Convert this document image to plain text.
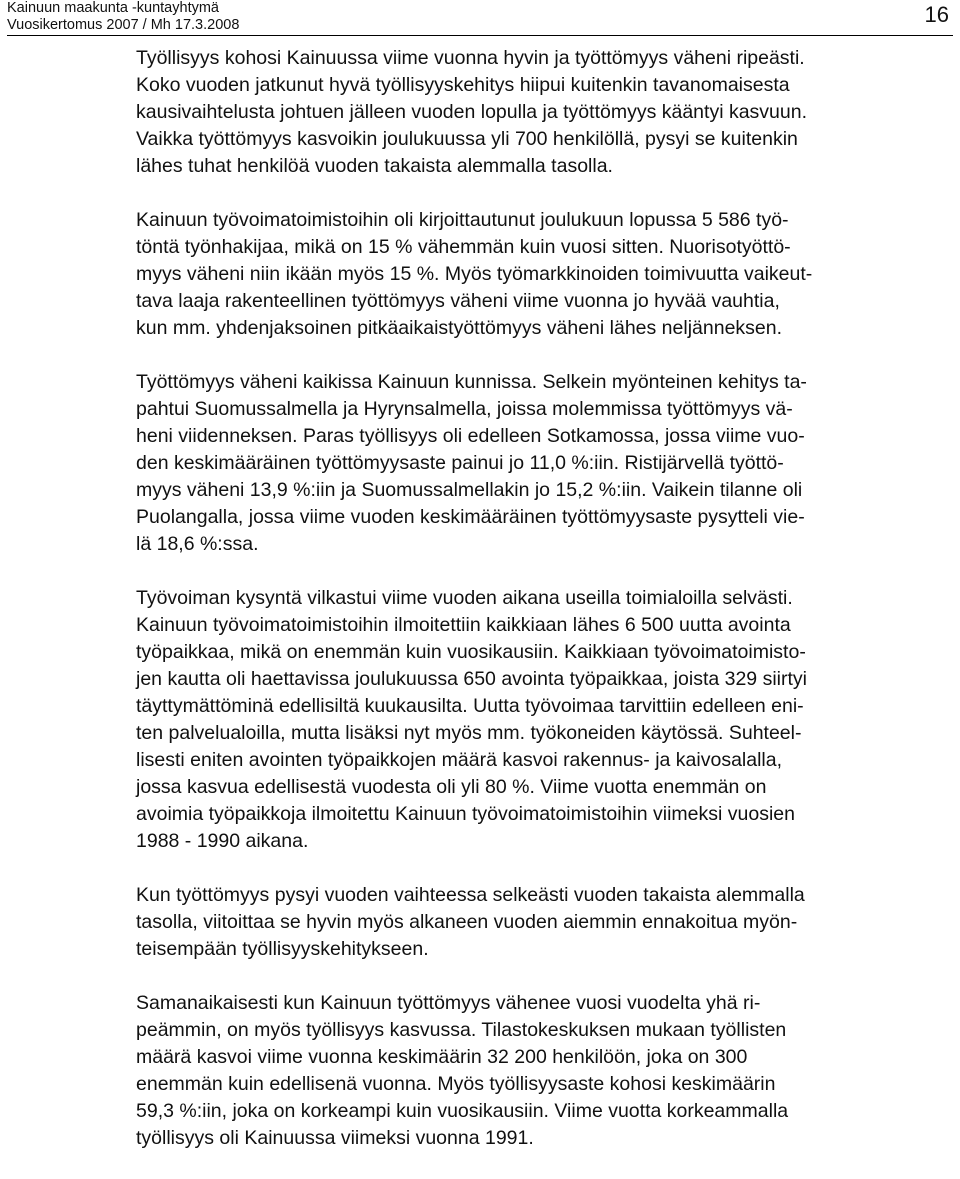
Kainuun maakunta -kuntayhtymä
Vuosikertomus 2007 / Mh 17.3.2008	16

Työllisyys kohosi Kainuussa viime vuonna hyvin ja työttömyys väheni ripeästi.
Koko vuoden jatkunut hyvä työllisyyskehitys hiipui kuitenkin tavanomaisesta
kausivaihtelusta johtuen jälleen vuoden lopulla ja työttömyys kääntyi kasvuun.
Vaikka työttömyys kasvoikin joulukuussa yli 700 henkilöllä, pysyi se kuitenkin
lähes tuhat henkilöä vuoden takaista alemmalla tasolla.

Kainuun työvoimatoimistoihin oli kirjoittautunut joulukuun lopussa 5 586 työ-
töntä työnhakijaa, mikä on 15 % vähemmän kuin vuosi sitten. Nuorisotyöttö-
myys väheni niin ikään myös 15 %. Myös työmarkkinoiden toimivuutta vaikeut-
tava laaja rakenteellinen työttömyys väheni viime vuonna jo hyvää vauhtia,
kun mm. yhdenjaksoinen pitkäaikaistyöttömyys väheni lähes neljänneksen.

Työttömyys väheni kaikissa Kainuun kunnissa. Selkein myönteinen kehitys ta-
pahtui Suomussalmella ja Hyrynsalmella, joissa molemmissa työttömyys vä-
heni viidenneksen. Paras työllisyys oli edelleen Sotkamossa, jossa viime vuo-
den keskimääräinen työttömyysaste painui jo 11,0 %:iin. Ristijärvellä työttö-
myys väheni 13,9 %:iin ja Suomussalmellakin jo 15,2 %:iin. Vaikein tilanne oli
Puolangalla, jossa viime vuoden keskimääräinen työttömyysaste pysytteli vie-
lä 18,6 %:ssa.

Työvoiman kysyntä vilkastui viime vuoden aikana useilla toimialoilla selvästi.
Kainuun työvoimatoimistoihin ilmoitettiin kaikkiaan lähes 6 500 uutta avointa
työpaikkaa, mikä on enemmän kuin vuosikausiin. Kaikkiaan työvoimatoimisto-
jen kautta oli haettavissa joulukuussa 650 avointa työpaikkaa, joista 329 siirtyi
täyttymättöminä edellisiltä kuukausilta. Uutta työvoimaa tarvittiin edelleen eni-
ten palvelualoilla, mutta lisäksi nyt myös mm. työkoneiden käytössä. Suhteel-
lisesti eniten avointen työpaikkojen määrä kasvoi rakennus- ja kaivosalalla,
jossa kasvua edellisestä vuodesta oli yli 80 %. Viime vuotta enemmän on
avoimia työpaikkoja ilmoitettu Kainuun työvoimatoimistoihin viimeksi vuosien
1988 - 1990 aikana.

Kun työttömyys pysyi vuoden vaihteessa selkeästi vuoden takaista alemmalla
tasolla, viitoittaa se hyvin myös alkaneen vuoden aiemmin ennakoitua myön-
teisempään työllisyyskehitykseen.

Samanaikaisesti kun Kainuun työttömyys vähenee vuosi vuodelta yhä ri-
peämmin, on myös työllisyys kasvussa. Tilastokeskuksen mukaan työllisten
määrä kasvoi viime vuonna keskimäärin 32 200 henkilöön, joka on 300
enemmän kuin edellisenä vuonna. Myös työllisyysaste kohosi keskimäärin
59,3 %:iin, joka on korkeampi kuin vuosikausiin. Viime vuotta korkeammalla
työllisyys oli Kainuussa viimeksi vuonna 1991.
